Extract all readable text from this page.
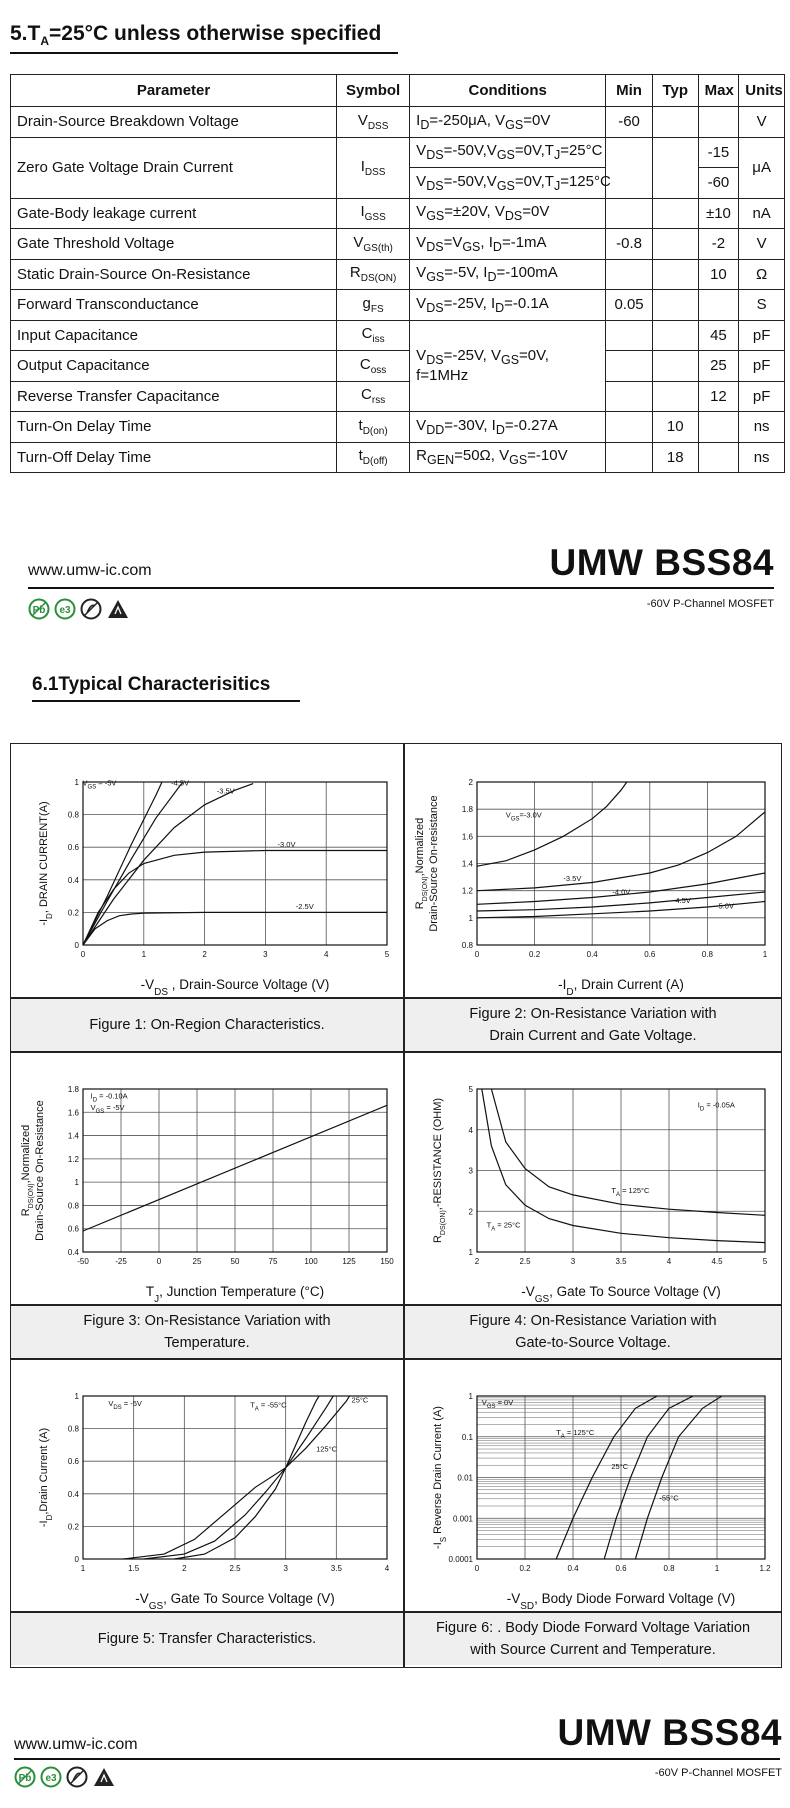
$5.T_A=25^\circ C$ unless otherwise specified
Parameter	Symbol	Conditions	Min	Typ	Max	Units
Drain-Source Breakdown Voltage	$V_{DSS}$	$I_D=-250\mu A$, $V_{GS}=0V$	-60			V
Zero Gate Voltage Drain Current	$I_{DSS}$	$V_{DS}=-50V,V_{GS}=0V,T_J=25^\circ C$			-15	μA
		$V_{DS}=-50V,V_{GS}=0V,T_J=125^\circ C$			-60	
Gate-Body leakage current	$I_{GSS}$	$V_{GS}=\pm 20V$, $V_{DS}=0V$			±10	nA
Gate Threshold Voltage	$V_{GS(th)}$	$V_{DS}=V_{GS}$, $I_D=-1mA$	-0.8		-2	V
Static Drain-Source On-Resistance	$R_{DS(ON)}$	$V_{GS}=-5V$, $I_D=-100mA$			10	Ω
Forward Transconductance	$g_{FS}$	$V_{DS}=-25V$, $I_D=-0.1A$	0.05			S
Input Capacitance	$C_{iss}$	$V_{DS}=-25V$, $V_{GS}=0V$, f=1MHz			45	pF
Output Capacitance	$C_{oss}$				25	pF
Reverse Transfer Capacitance	$C_{rss}$				12	pF
Turn-On Delay Time	$t_{D(on)}$	$V_{DD}=-30V$, $I_D=-0.27A$		10		ns
Turn-Off Delay Time	$t_{D(off)}$	$R_{GEN}=50\Omega$, $V_{GS}=-10V$		18		ns
www.umw-ic.com	UMW BSS84
-60V P-Channel MOSFET
Pb e3
6.1Typical Characterisitics
Figure 1: On-Region Characteristics.
0	1	2	3	4	5
0
0.2
0.4
0.6
0.8
1 $V_{GS} = -5V$	-4.5V
-3.5V
-3.0V
-2.5V
$-V_{DS}$ , Drain-Source Voltage (V)
$-I_D$, DRAIN CURRENT(A)
Figure 2: On-Resistance Variation with
Drain Current and Gate Voltage.
0	0.2	0.4	0.6	0.8	1
0.8
1
1.2
1.4
1.6
1.8
2
$V_{GS}=-3.0V$
-3.5V
-4.0V
-4.5V
-5.0V
$-I_D$, Drain Current (A)
$R_{DS(ON)},Normalized$ Drain-Source On-resistance
Figure 3: On-Resistance Variation with
Temperature.
-50	-25	0	25	50	75	100	125	150
0.4
0.6
0.8
1
1.2
1.4
1.6
1.8
$I_D = -0.10A$
$V_{GS} = -5V$
$T_J$, Junction Temperature (°C)
$R_{DS(ON)},Normalized$ Drain-Source On-Resistance
Figure 4: On-Resistance Variation with
Gate-to-Source Voltage.
2	2.5	3	3.5	4	4.5	5
1
2
3
4
5
$T_A = 125^\circ C$
$T_A = 25^\circ C$
$I_D = -0.05A$
$-V_{GS}$, Gate To Source Voltage (V)
$R_{DS(ON)}$,-RESISTANCE (OHM)
Figure 5: Transfer Characteristics.
1	1.5	2	2.5	3	3.5	4
0
0.2
0.4
0.6
0.8
1
$T_A = -55^\circ C$
25°C
125°C
$V_{DS} = -5V$
$-V_{GS}$, Gate To Source Voltage (V)
$-I_D,Drain$ Current (A)
Figure 6: . Body Diode Forward Voltage Variation
with Source Current and Temperature.
0	0.2	0.4	0.6	0.8	1	1.2
0.0001
0.001
0.01
0.1
1
$T_A = 125^\circ C$
25°C
-55°C
$V_{GS} = 0V$
$-V_{SD}$, Body Diode Forward Voltage (V)
$-I_S$ Reverse Drain Current (A)
www.umw-ic.com	UMW BSS84
-60V P-Channel MOSFET
Pb e3
